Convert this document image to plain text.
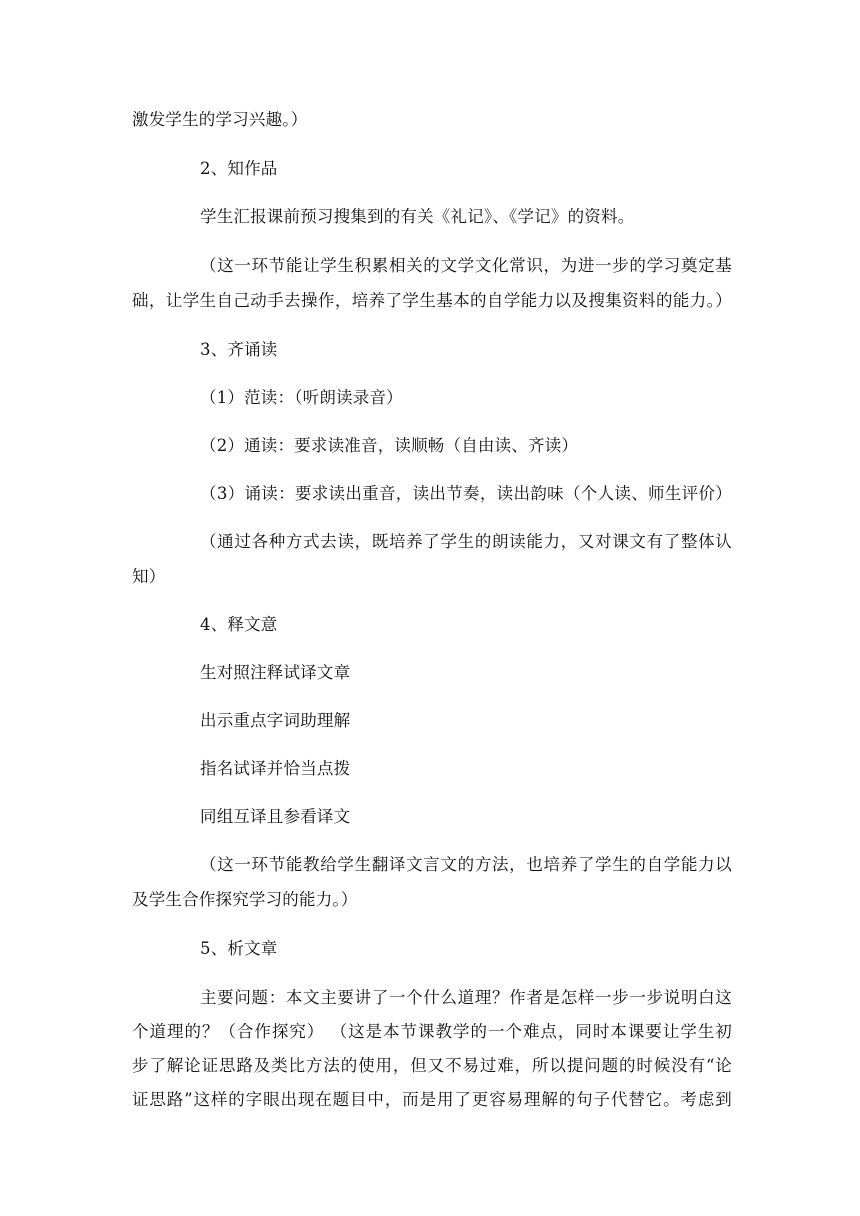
激发学生的学习兴趣。）
2、知作品
学生汇报课前预习搜集到的有关《礼记》、《学记》的资料。
（这一环节能让学生积累相关的文学文化常识，为进一步的学习奠定基
础，让学生自己动手去操作，培养了学生基本的自学能力以及搜集资料的能力。）
3、齐诵读
（1）范读：（听朗读录音）
（2）通读：要求读准音，读顺畅（自由读、齐读）
（3）诵读：要求读出重音，读出节奏，读出韵味（个人读、师生评价）
（通过各种方式去读，既培养了学生的朗读能力，又对课文有了整体认
知）
4、释文意
生对照注释试译文章
出示重点字词助理解
指名试译并恰当点拨
同组互译且参看译文
（这一环节能教给学生翻译文言文的方法，也培养了学生的自学能力以
及学生合作探究学习的能力。）
5、析文章
主要问题：本文主要讲了一个什么道理？作者是怎样一步一步说明白这
个道理的？（合作探究） （这是本节课教学的一个难点，同时本课要让学生初
步了解论证思路及类比方法的使用，但又不易过难，所以提问题的时候没有“论
证思路”这样的字眼出现在题目中，而是用了更容易理解的句子代替它。考虑到
